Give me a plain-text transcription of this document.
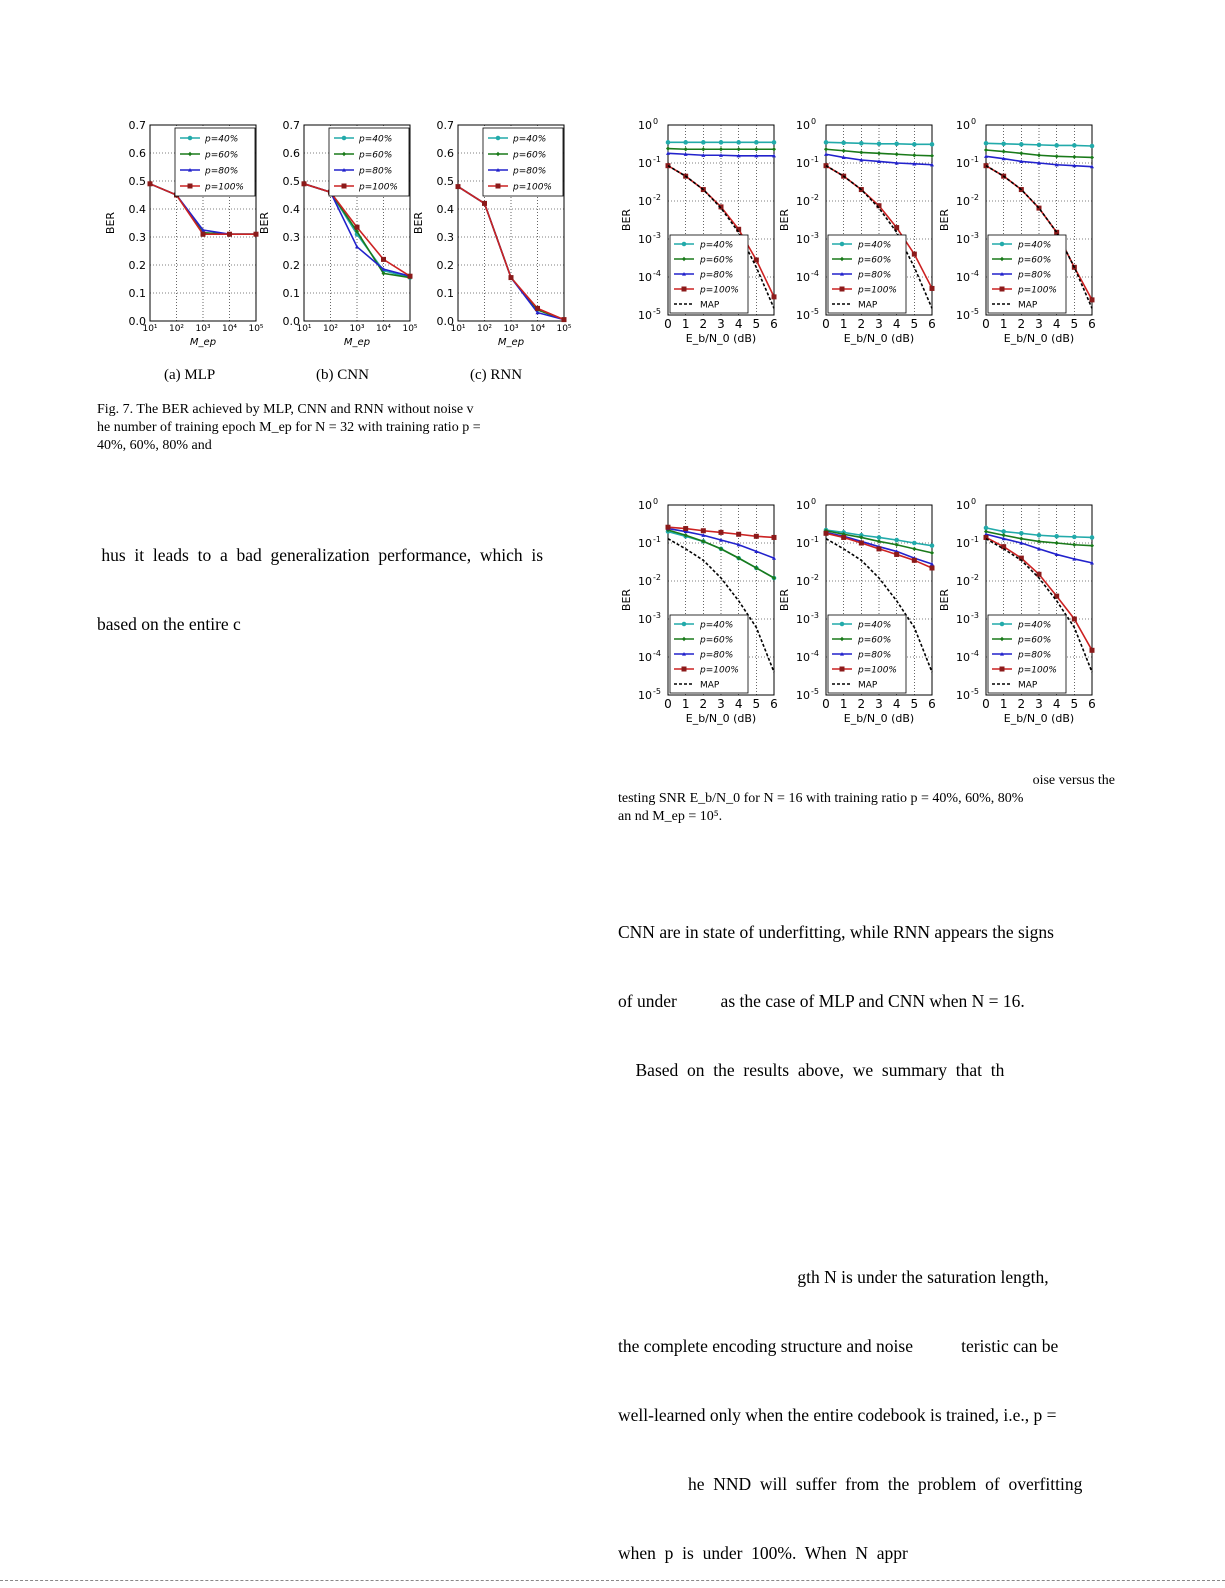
0.0
0.1
0.2
0.3
0.4
0.5
0.6
0.7
10¹ 10² 10³ 10⁴ 10⁵
M_ep
BER
p=40%
p=60%
p=80%
p=100%
0.0
0.1
0.2
0.3
0.4
0.5
0.6
0.7
10¹ 10² 10³ 10⁴ 10⁵
M_ep
BER
p=40%
p=60%
p=80%
p=100%
0.0
0.1
0.2
0.3
0.4
0.5
0.6
0.7
10¹ 10² 10³ 10⁴ 10⁵
M_ep
BER
p=40%
p=60%
p=80%
p=100%
(a) MLP	(b) CNN	(c) RNN
Fig. 7. The BER achieved by MLP, CNN and RNN without noise v
he number of training epoch M_ep for N = 32 with training ratio p =
40%, 60%, 80% and
10 0
10 -1
10 -2
10 -3
10 -4
10 -5
0 1 2 3 4 5 6
E_b/N_0 (dB)
BER
p=40%
p=60%
p=80%
p=100%
MAP
10 0
10 -1
10 -2
10 -3
10 -4
10 -5
0 1 2 3 4 5 6
E_b/N_0 (dB)
BER
p=40%
p=60%
p=80%
p=100%
MAP
10 0
10 -1
10 -2
10 -3
10 -4
10 -5
0 1 2 3 4 5 6
E_b/N_0 (dB)
BER
p=40%
p=60%
p=80%
p=100%
MAP
10 0
10 -1
10 -2
10 -3
10 -4
10 -5
0 1 2 3 4 5 6
E_b/N_0 (dB)
BER
p=40%
p=60%
p=80%
p=100%
MAP
10 0
10 -1
10 -2
10 -3
10 -4
10 -5
0 1 2 3 4 5 6
E_b/N_0 (dB)
BER
p=40%
p=60%
p=80%
p=100%
MAP
10 0
10 -1
10 -2
10 -3
10 -4
10 -5
0 1 2 3 4 5 6
E_b/N_0 (dB)
BER
p=40%
p=60%
p=80%
p=100%
MAP
oise versus the
testing SNR E_b/N_0 for N = 16 with training ratio p = 40%, 60%, 80%
an nd M_ep = 10⁵.

hus  it  leads  to  a  bad  generalization  performance,  which  is

based on the entire c

CNN are in state of underfitting, while RNN appears the signs

of under          as the case of MLP and CNN when N = 16.

Based  on  the  results  above,  we  summary  that  th

gth N is under the saturation length,

the complete encoding structure and noise           teristic can be

well-learned only when the entire codebook is trained, i.e., p =

he  NND  will  suffer  from  the  problem  of  overfitting

when  p  is  under  100%.  When  N  appr
